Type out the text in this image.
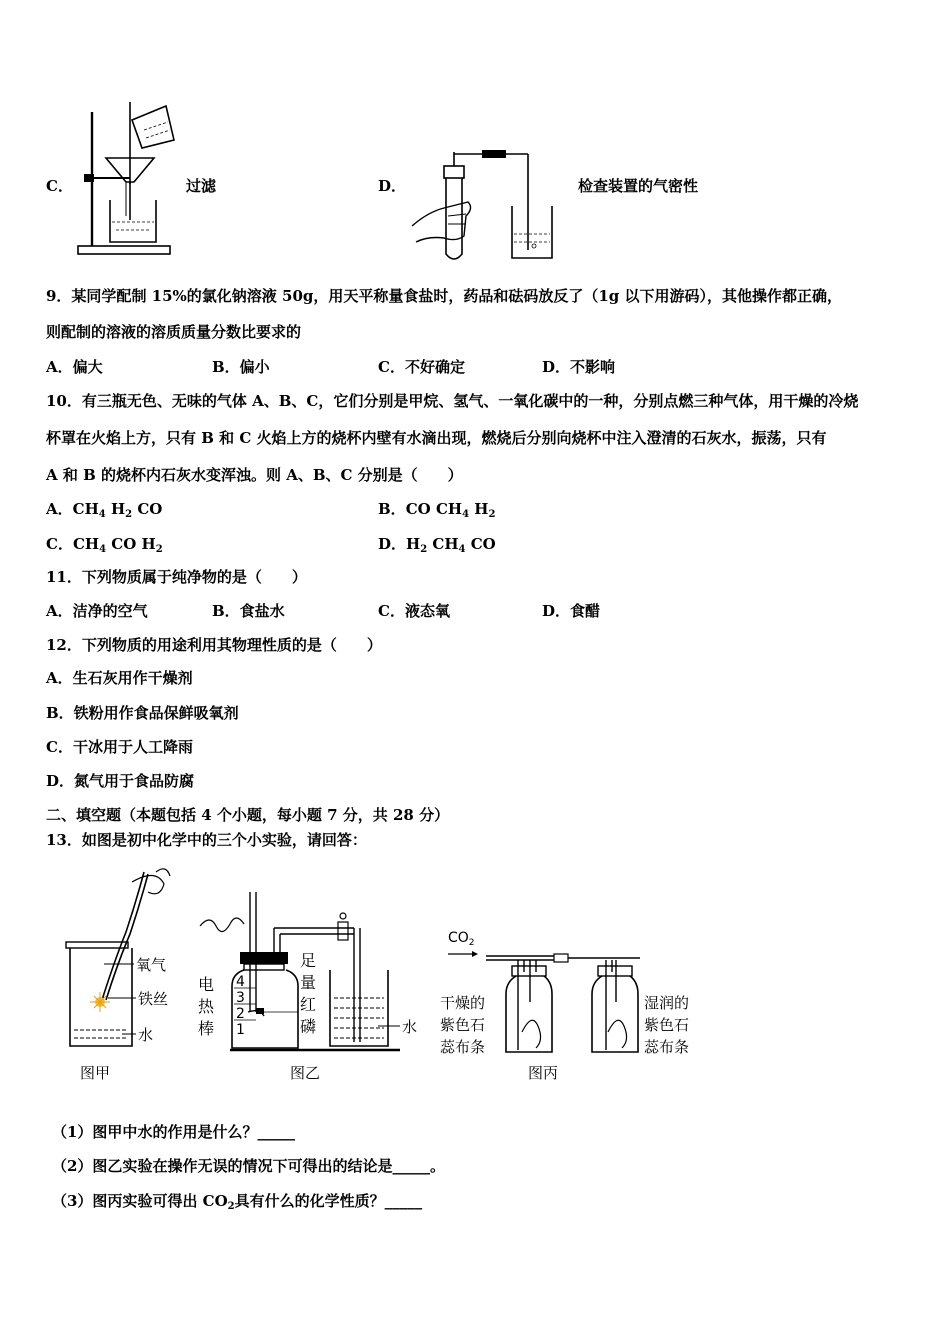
C．	过滤	D．	检查装置的气密性
9．某同学配制 15%的氯化钠溶液 50g，用天平称量食盐时，药品和砝码放反了（1g 以下用游码），其他操作都正确，
则配制的溶液的溶质质量分数比要求的
A．偏大	B．偏小	C．不好确定	D．不影响
10．有三瓶无色、无味的气体 A、B、C，它们分别是甲烷、氢气、一氧化碳中的一种，分别点燃三种气体，用干燥的冷烧
杯罩在火焰上方，只有 B 和 C 火焰上方的烧杯内壁有水滴出现，燃烧后分别向烧杯中注入澄清的石灰水，振荡，只有
A 和 B 的烧杯内石灰水变浑浊。则 A、B、C 分别是（　　）
A．$CH_4$ $H_2$ CO	B．CO $CH_4$ $H_2$
C．$CH_4$ CO $H_2$	D．$H_2$ $CH_4$ CO
11．下列物质属于纯净物的是（　　）
A．洁净的空气	B．食盐水	C．液态氧	D．食醋
12．下列物质的用途利用其物理性质的是（　　）
A．生石灰用作干燥剂
B．铁粉用作食品保鲜吸氧剂
C．干冰用于人工降雨
D．氮气用于食品防腐
二、填空题（本题包括 4 个小题，每小题 7 分，共 28 分）
13．如图是初中化学中的三个小实验，请回答：
氧气
铁丝
水
图甲
水
4
3
2
1
电
热
棒
足
量
红
磷
图乙
$CO_2$
干燥的
紫色石
蕊布条
湿润的
紫色石
蕊布条
图丙
（1）图甲中水的作用是什么？_____
（2）图乙实验在操作无误的情况下可得出的结论是_____。
（3）图丙实验可得出 $CO_2$具有什么的化学性质？_____
